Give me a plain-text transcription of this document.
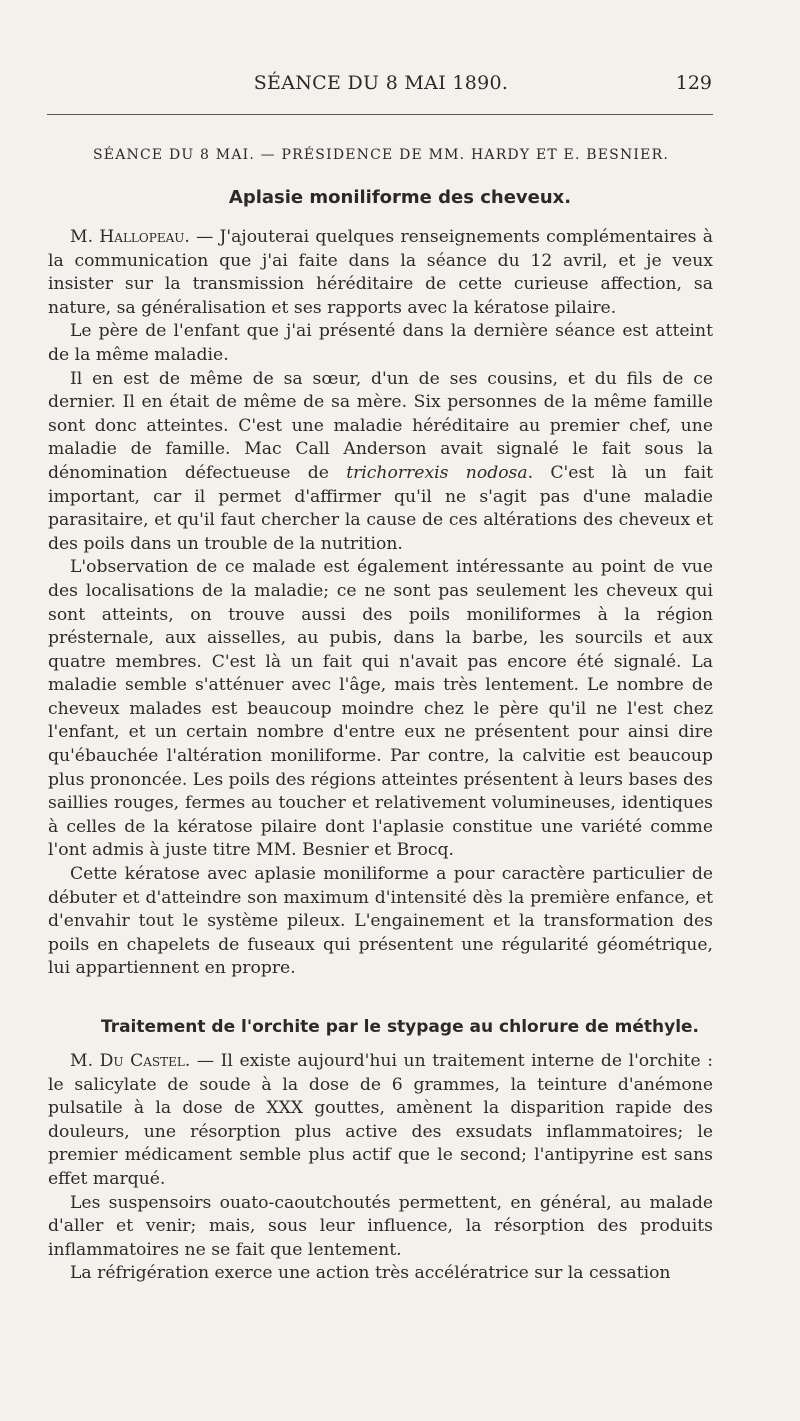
SÉANCE DU 8 MAI 1890.	129
SÉANCE DU 8 MAI. — PRÉSIDENCE DE MM. HARDY ET E. BESNIER.
Aplasie moniliforme des cheveux.

M. Hallopeau. — J'ajouterai quelques renseignements complémentaires à la communication que j'ai faite dans la séance du 12 avril, et je veux insister sur la transmission héréditaire de cette curieuse affection, sa nature, sa généralisation et ses rapports avec la kératose pilaire.

Le père de l'enfant que j'ai présenté dans la dernière séance est atteint de la même maladie.

Il en est de même de sa sœur, d'un de ses cousins, et du fils de ce dernier. Il en était de même de sa mère. Six personnes de la même famille sont donc atteintes. C'est une maladie héréditaire au premier chef, une maladie de famille. Mac Call Anderson avait signalé le fait sous la dénomination défectueuse de trichorrexis nodosa. C'est là un fait important, car il permet d'affirmer qu'il ne s'agit pas d'une maladie parasitaire, et qu'il faut chercher la cause de ces altérations des cheveux et des poils dans un trouble de la nutrition.

L'observation de ce malade est également intéressante au point de vue des localisations de la maladie; ce ne sont pas seulement les cheveux qui sont atteints, on trouve aussi des poils moniliformes à la région présternale, aux aisselles, au pubis, dans la barbe, les sourcils et aux quatre membres. C'est là un fait qui n'avait pas encore été signalé. La maladie semble s'atténuer avec l'âge, mais très lentement. Le nombre de cheveux malades est beaucoup moindre chez le père qu'il ne l'est chez l'enfant, et un certain nombre d'entre eux ne présentent pour ainsi dire qu'ébauchée l'altération moniliforme. Par contre, la calvitie est beaucoup plus prononcée. Les poils des régions atteintes présentent à leurs bases des saillies rouges, fermes au toucher et relativement volumineuses, identiques à celles de la kératose pilaire dont l'aplasie constitue une variété comme l'ont admis à juste titre MM. Besnier et Brocq.

Cette kératose avec aplasie moniliforme a pour caractère particulier de débuter et d'atteindre son maximum d'intensité dès la première enfance, et d'envahir tout le système pileux. L'engainement et la transformation des poils en chapelets de fuseaux qui présentent une régularité géométrique, lui appartiennent en propre.

Traitement de l'orchite par le stypage au chlorure de méthyle.

M. Du Castel. — Il existe aujourd'hui un traitement interne de l'orchite : le salicylate de soude à la dose de 6 grammes, la teinture d'anémone pulsatile à la dose de XXX gouttes, amènent la disparition rapide des douleurs, une résorption plus active des exsudats inflammatoires; le premier médicament semble plus actif que le second; l'antipyrine est sans effet marqué.

Les suspensoirs ouato-caoutchoutés permettent, en général, au malade d'aller et venir; mais, sous leur influence, la résorption des produits inflammatoires ne se fait que lentement.

La réfrigération exerce une action très accélératrice sur la cessation
